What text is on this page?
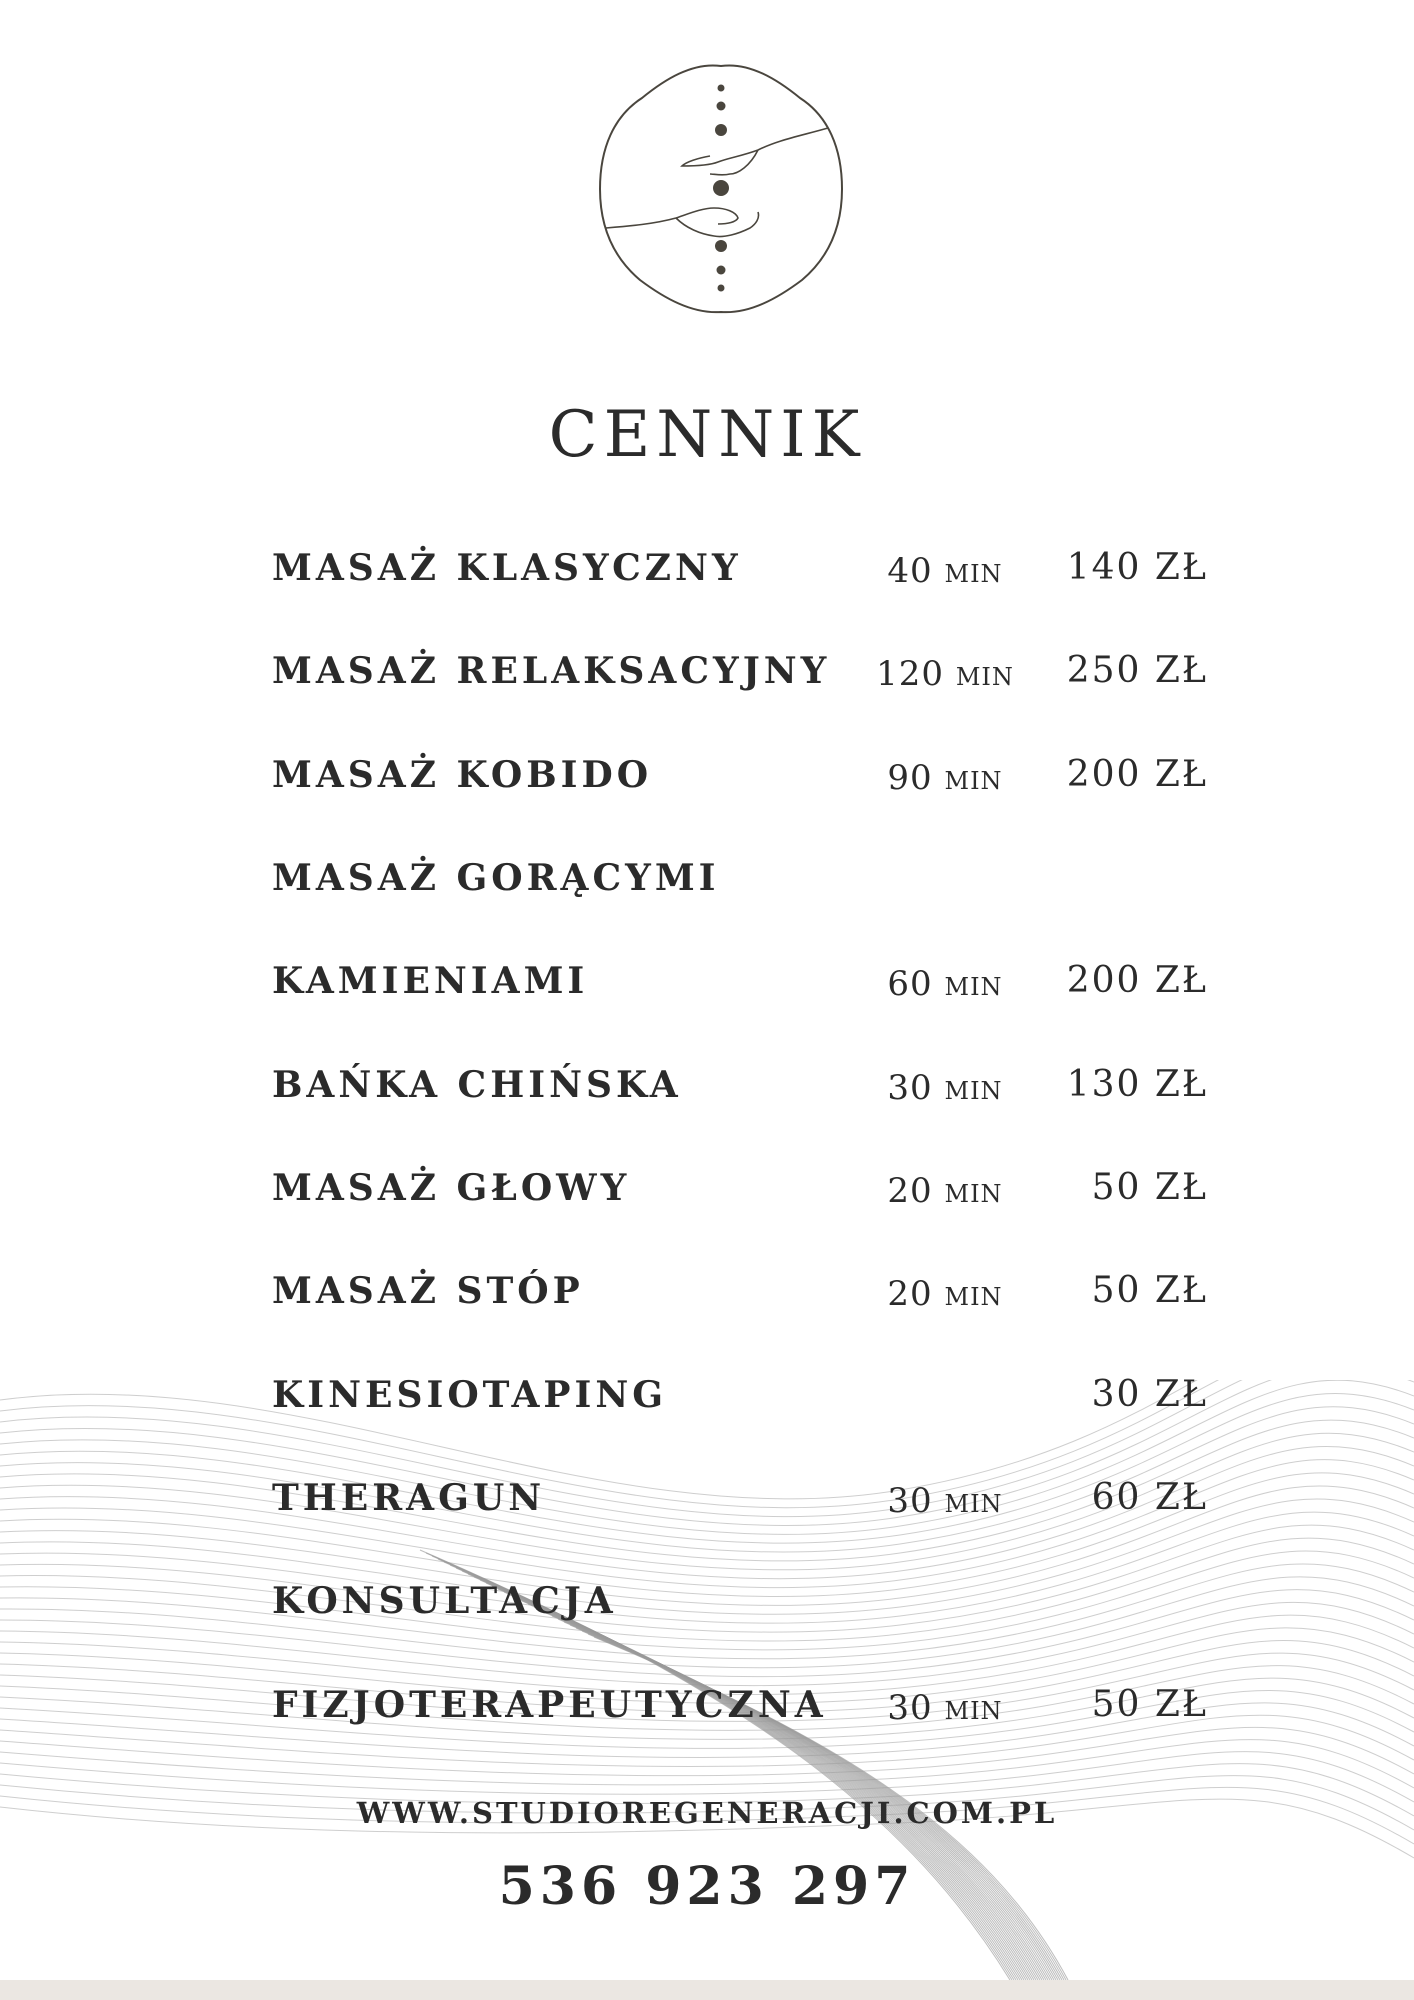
CENNIK
MASAŻ KLASYCZNY	40 min	140 ZŁ
MASAŻ RELAKSACYJNY	120 min	250 ZŁ
MASAŻ KOBIDO	90 min	200 ZŁ
MASAŻ GORĄCYMI
KAMIENIAMI	60 min	200 ZŁ
BAŃKA CHIŃSKA	30 min	130 ZŁ
MASAŻ GŁOWY	20 min	50 ZŁ
MASAŻ STÓP	20 min	50 ZŁ
KINESIOTAPING	30 ZŁ
THERAGUN	30 min	60 ZŁ
KONSULTACJA
FIZJOTERAPEUTYCZNA	30 min	50 ZŁ
WWW.STUDIOREGENERACJI.COM.PL
536 923 297
